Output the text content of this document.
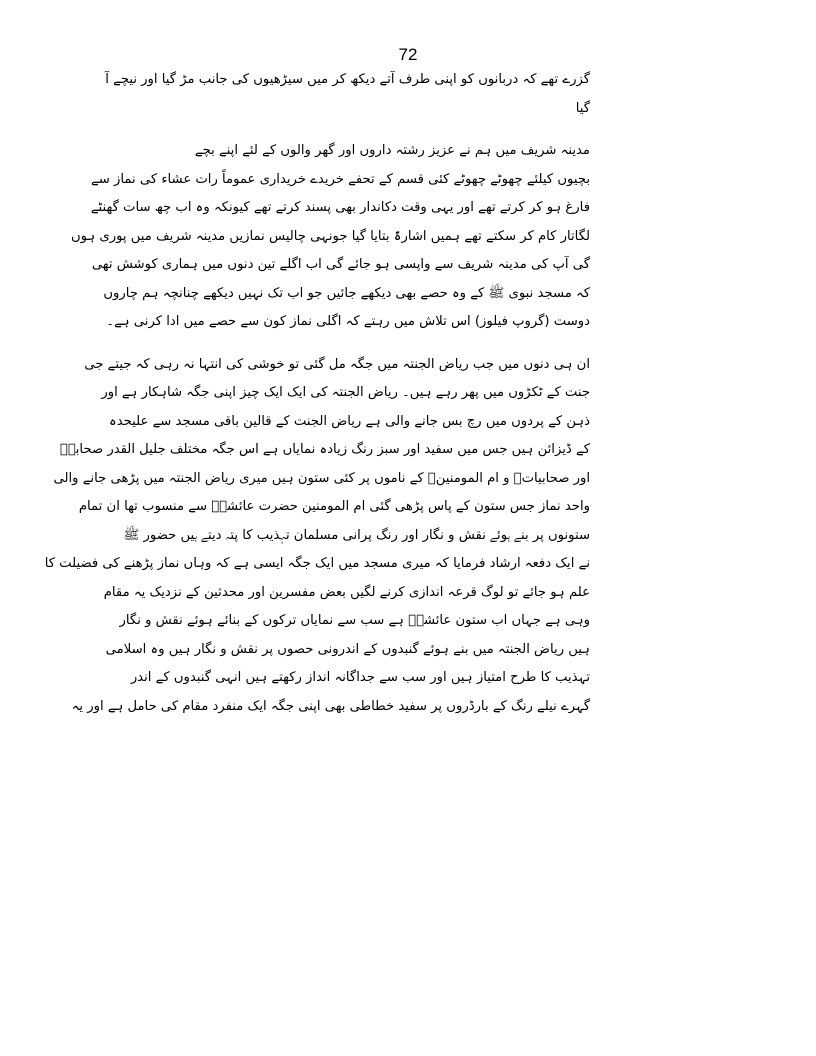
72
گزرے تھے کہ دربانوں کو اپنی طرف آتے دیکھ کر میں سیڑھیوں کی جانب مڑ گیا اور نیچے آ
گیا
مدینہ شریف میں ہم نے عزیز رشتہ داروں اور گھر والوں کے لئے اپنے بچے
بچیوں کیلئے چھوٹے چھوٹے کئی قسم کے تحفے خریدے خریداری عموماً رات عشاء کی نماز سے
فارغ ہو کر کرتے تھے اور یہی وقت دکاندار بھی پسند کرتے تھے کیونکہ وہ اب چھ سات گھنٹے
لگاتار کام کر سکتے تھے ہمیں اشارۃً بتایا گیا جونہی چالیس نمازیں مدینہ شریف میں پوری ہوں
گی آپ کی مدینہ شریف سے واپسی ہو جائے گی اب اگلے تین دنوں میں ہماری کوشش تھی
کہ مسجد نبوی ﷺ کے وہ حصے بھی دیکھے جائیں جو اب تک نہیں دیکھے چنانچہ ہم چاروں
دوست (گروپ فیلوز) اس تلاش میں رہتے کہ اگلی نماز کون سے حصے میں ادا کرنی ہے۔
ان ہی دنوں میں جب ریاض الجنتہ میں جگہ مل گئی تو خوشی کی انتہا نہ رہی کہ جیتے جی
جنت کے ٹکڑوں میں پھر رہے ہیں۔ ریاض الجنتہ کی ایک ایک چیز اپنی جگہ شاہکار ہے اور
ذہن کے پردوں میں رچ بس جانے والی ہے ریاض الجنت کے قالین باقی مسجد سے علیحدہ
کے ڈیزائن ہیں جس میں سفید اور سبز رنگ زیادہ نمایاں ہے اس جگہ مختلف جلیل القدر صحابہؓ
اور صحابیاتؓ و ام المومنینؓ کے ناموں پر کئی ستون ہیں میری ریاض الجنتہ میں پڑھی جانے والی
واحد نماز جس ستون کے پاس پڑھی گئی ام المومنین حضرت عائشہؓ سے منسوب تھا ان تمام
ستونوں پر بنے ہوئے نقش و نگار اور رنگ پرانی مسلمان تہذیب کا پتہ دیتے ہیں حضور ﷺ
نے ایک دفعہ ارشاد فرمایا کہ میری مسجد میں ایک جگہ ایسی ہے کہ وہاں نماز پڑھنے کی فضیلت کا
علم ہو جائے تو لوگ قرعہ اندازی کرنے لگیں بعض مفسرین اور محدثین کے نزدیک یہ مقام
وہی ہے جہاں اب ستون عائشہؓ ہے سب سے نمایاں ترکوں کے بنائے ہوئے نقش و نگار
ہیں ریاض الجنتہ میں بنے ہوئے گنبدوں کے اندرونی حصوں پر نقش و نگار ہیں وہ اسلامی
تہذیب کا طرح امتیاز ہیں اور سب سے جداگانہ انداز رکھتے ہیں انہی گنبدوں کے اندر
گہرے نیلے رنگ کے بارڈروں پر سفید خطاطی بھی اپنی جگہ ایک منفرد مقام کی حامل ہے اور یہ
